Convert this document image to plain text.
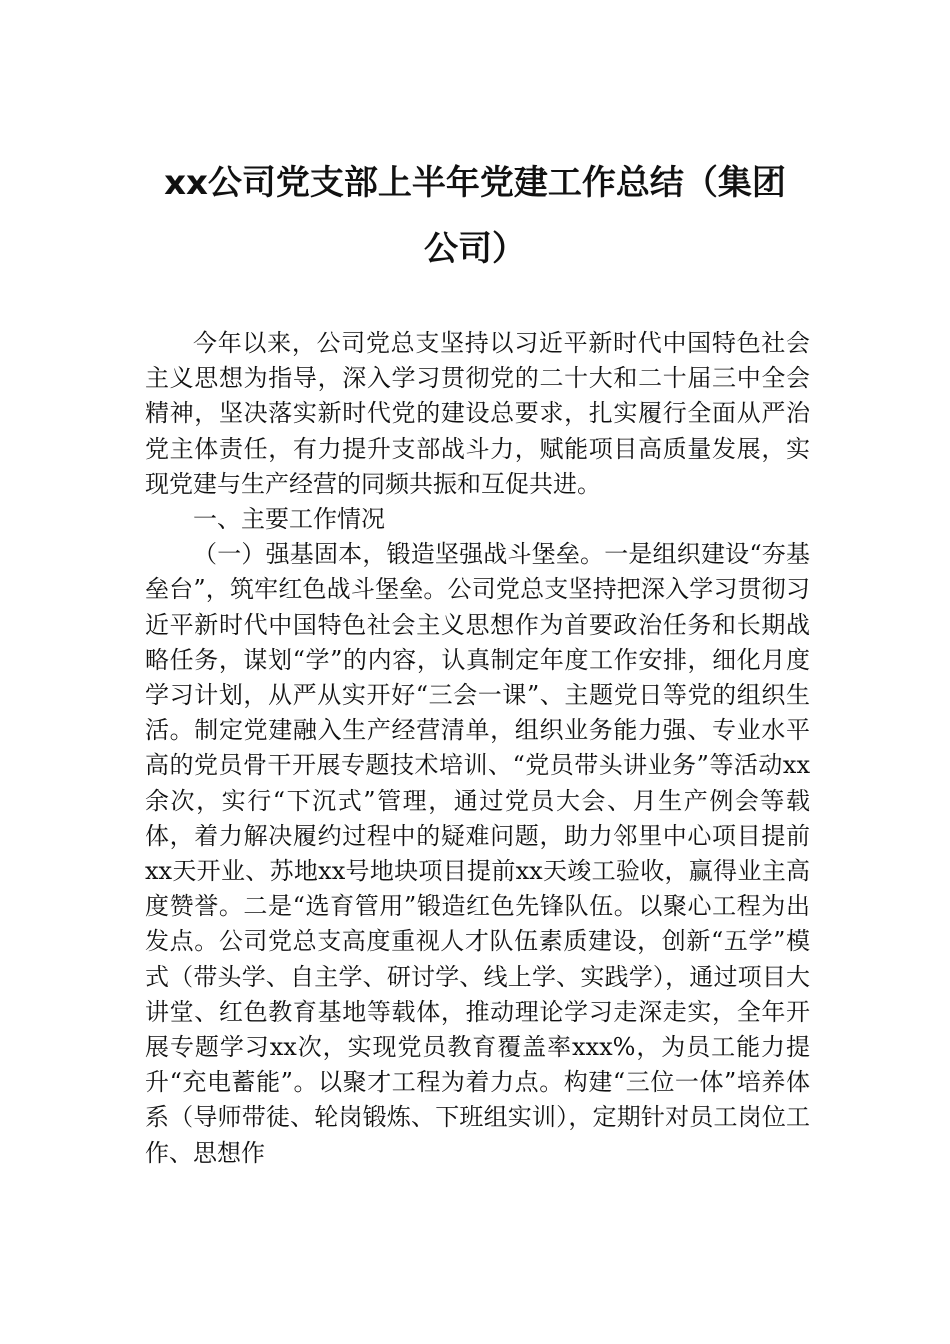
xx公司党支部上半年党建工作总结（集团
公司）

今年以来，公司党总支坚持以习近平新时代中国特色社会主义思想为指导，深入学习贯彻党的二十大和二十届三中全会精神，坚决落实新时代党的建设总要求，扎实履行全面从严治党主体责任，有力提升支部战斗力，赋能项目高质量发展，实现党建与生产经营的同频共振和互促共进。

一、主要工作情况

（一）强基固本，锻造坚强战斗堡垒。一是组织建设“夯基垒台”，筑牢红色战斗堡垒。公司党总支坚持把深入学习贯彻习近平新时代中国特色社会主义思想作为首要政治任务和长期战略任务，谋划“学”的内容，认真制定年度工作安排，细化月度学习计划，从严从实开好“三会一课”、主题党日等党的组织生活。制定党建融入生产经营清单，组织业务能力强、专业水平高的党员骨干开展专题技术培训、“党员带头讲业务”等活动xx余次，实行“下沉式”管理，通过党员大会、月生产例会等载体，着力解决履约过程中的疑难问题，助力邻里中心项目提前xx天开业、苏地xx号地块项目提前xx天竣工验收，赢得业主高度赞誉。二是“选育管用”锻造红色先锋队伍。以聚心工程为出发点。公司党总支高度重视人才队伍素质建设，创新“五学”模式（带头学、自主学、研讨学、线上学、实践学），通过项目大讲堂、红色教育基地等载体，推动理论学习走深走实，全年开展专题学习xx次，实现党员教育覆盖率xxx%，为员工能力提升“充电蓄能”。以聚才工程为着力点。构建“三位一体”培养体系（导师带徒、轮岗锻炼、下班组实训），定期针对员工岗位工作、思想作
